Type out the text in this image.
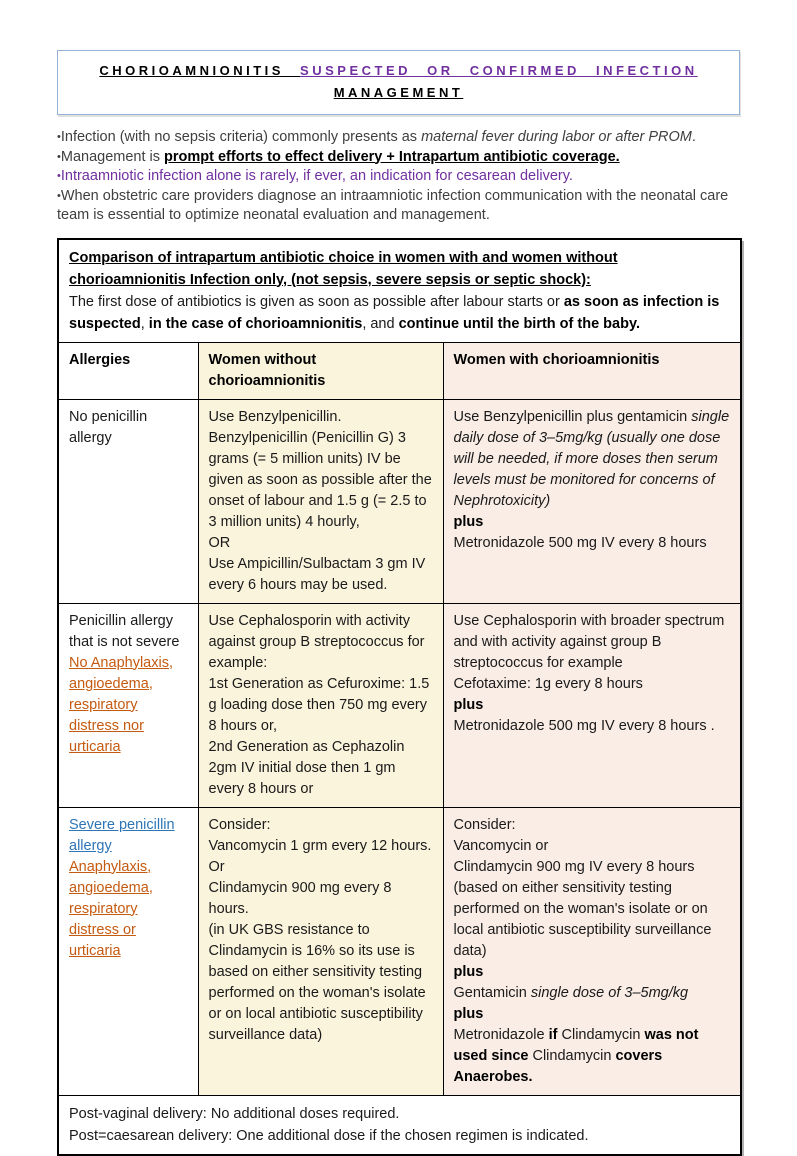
CHORIOAMNIONITIS SUSPECTED OR CONFIRMED INFECTION
MANAGEMENT
•Infection (with no sepsis criteria) commonly presents as maternal fever during labor or after PROM.
•Management is prompt efforts to effect delivery + Intrapartum antibiotic coverage.
•Intraamniotic infection alone is rarely, if ever, an indication for cesarean delivery.
•When obstetric care providers diagnose an intraamniotic infection communication with the neonatal care team is essential to optimize neonatal evaluation and management.
Comparison of intrapartum antibiotic choice in women with and women without chorioamnionitis Infection only, (not sepsis, severe sepsis or septic shock):
The first dose of antibiotics is given as soon as possible after labour starts or as soon as infection is suspected, in the case of chorioamnionitis, and continue until the birth of the baby.		
Allergies	Women without chorioamnionitis	Women with chorioamnionitis
No penicillin allergy	Use Benzylpenicillin.
Benzylpenicillin (Penicillin G) 3 grams (= 5 million units) IV be given as soon as possible after the onset of labour and 1.5 g (= 2.5 to 3 million units) 4 hourly,
OR
Use Ampicillin/Sulbactam 3 gm IV every 6 hours may be used.	Use Benzylpenicillin plus gentamicin single daily dose of 3–5mg/kg (usually one dose will be needed, if more doses then serum levels must be monitored for concerns of Nephrotoxicity)
plus
Metronidazole 500 mg IV every 8 hours
Penicillin allergy that is not severe
No Anaphylaxis, angioedema, respiratory distress nor urticaria	Use Cephalosporin with activity against group B streptococcus for example:
1st Generation as Cefuroxime: 1.5 g loading dose then 750 mg every 8 hours or,
2nd Generation as Cephazolin 2gm IV initial dose then 1 gm every 8 hours or	Use Cephalosporin with broader spectrum and with activity against group B streptococcus for example
Cefotaxime: 1g every 8 hours
plus
Metronidazole 500 mg IV every 8 hours .
Severe penicillin allergy
Anaphylaxis, angioedema, respiratory distress or urticaria	Consider:
Vancomycin 1 grm every 12 hours.
Or
Clindamycin 900 mg every 8 hours.
(in UK GBS resistance to Clindamycin is 16% so its use is based on either sensitivity testing performed on the woman's isolate or on local antibiotic susceptibility surveillance data)	Consider:
Vancomycin or
Clindamycin 900 mg IV every 8 hours
(based on either sensitivity testing performed on the woman's isolate or on local antibiotic susceptibility surveillance data)
plus
Gentamicin single dose of 3–5mg/kg
plus
Metronidazole if Clindamycin was not used since Clindamycin covers Anaerobes.
Post-vaginal delivery: No additional doses required.
Post=caesarean delivery: One additional dose if the chosen regimen is indicated.		
